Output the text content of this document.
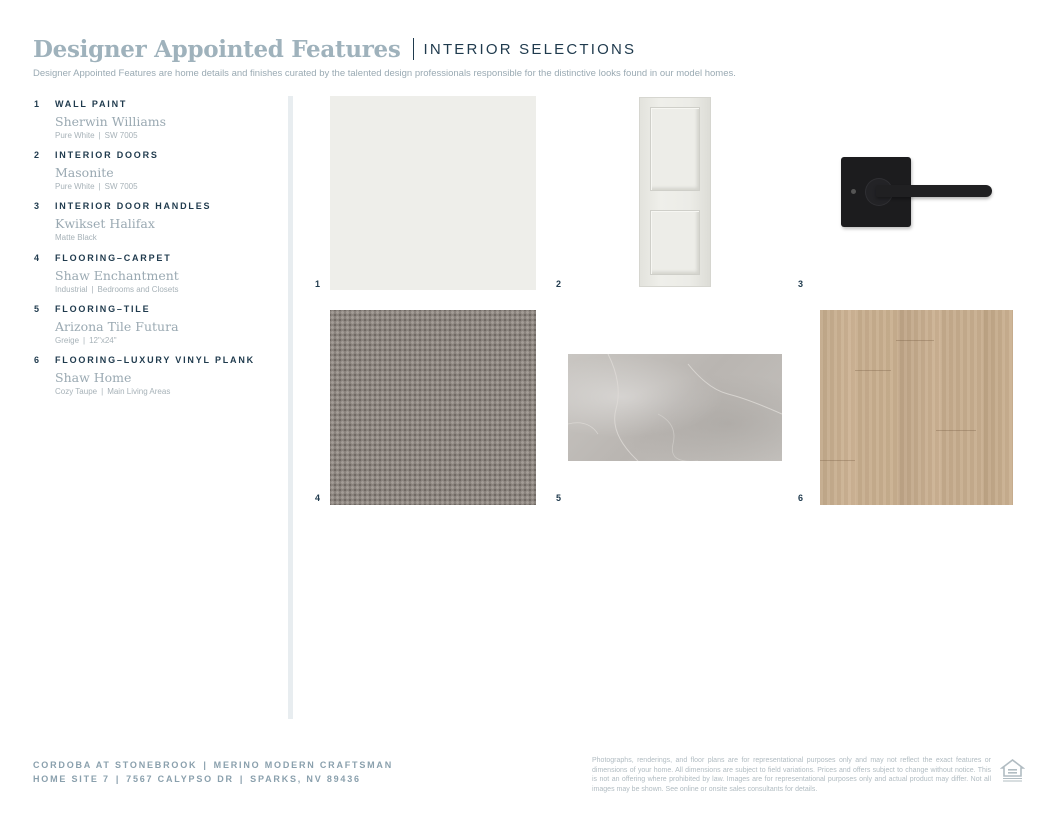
Designer Appointed Features INTERIOR SELECTIONS
Designer Appointed Features are home details and finishes curated by the talented design professionals responsible for the distinctive looks found in our model homes.
1 WALL PAINT
Sherwin Williams
Pure White | SW 7005
2 INTERIOR DOORS
Masonite
Pure White | SW 7005
3 INTERIOR DOOR HANDLES
Kwikset Halifax
Matte Black
4 FLOORING–CARPET
Shaw Enchantment
Industrial | Bedrooms and Closets
5 FLOORING–TILE
Arizona Tile Futura
Greige | 12"x24"
6 FLOORING–LUXURY VINYL PLANK
Shaw Home
Cozy Taupe | Main Living Areas
1	2	3
4	5	6
CORDOBA AT STONEBROOK | MERINO MODERN CRAFTSMAN
HOME SITE 7 | 7567 CALYPSO DR | SPARKS, NV 89436
Photographs, renderings, and floor plans are for representational purposes only and may not reflect the exact features or dimensions of your home. All dimensions are subject to field variations. Prices and offers subject to change without notice. This is not an offering where prohibited by law. Images are for representational purposes only and actual product may differ. Not all images may be shown. See online or onsite sales consultants for details.
